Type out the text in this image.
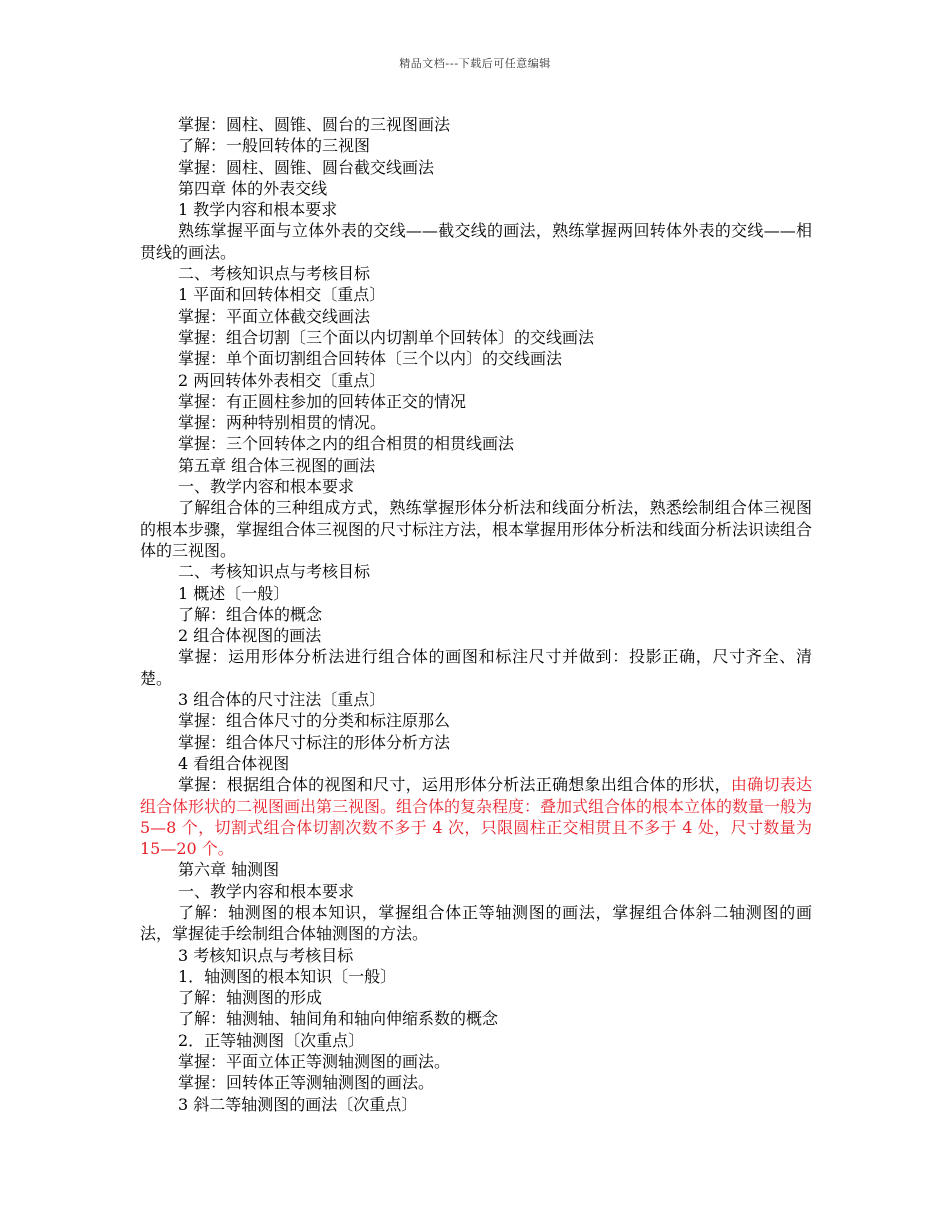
精品文档---下载后可任意编辑
掌握：圆柱、圆锥、圆台的三视图画法
了解：一般回转体的三视图
掌握：圆柱、圆锥、圆台截交线画法
第四章 体的外表交线
1 教学内容和根本要求
熟练掌握平面与立体外表的交线——截交线的画法，熟练掌握两回转体外表的交线——相贯线的画法。
二、考核知识点与考核目标
1 平面和回转体相交〔重点〕
掌握：平面立体截交线画法
掌握：组合切割〔三个面以内切割单个回转体〕的交线画法
掌握：单个面切割组合回转体〔三个以内〕的交线画法
2 两回转体外表相交〔重点〕
掌握：有正圆柱参加的回转体正交的情况
掌握：两种特别相贯的情况。
掌握：三个回转体之内的组合相贯的相贯线画法
第五章 组合体三视图的画法
一、教学内容和根本要求
了解组合体的三种组成方式，熟练掌握形体分析法和线面分析法，熟悉绘制组合体三视图的根本步骤，掌握组合体三视图的尺寸标注方法，根本掌握用形体分析法和线面分析法识读组合体的三视图。
二、考核知识点与考核目标
1 概述〔一般〕
了解：组合体的概念
2 组合体视图的画法
掌握：运用形体分析法进行组合体的画图和标注尺寸并做到：投影正确，尺寸齐全、清楚。
3 组合体的尺寸注法〔重点〕
掌握：组合体尺寸的分类和标注原那么
掌握：组合体尺寸标注的形体分析方法
4 看组合体视图
掌握：根据组合体的视图和尺寸，运用形体分析法正确想象出组合体的形状，由确切表达组合体形状的二视图画出第三视图。组合体的复杂程度：叠加式组合体的根本立体的数量一般为 5—8 个，切割式组合体切割次数不多于 4 次，只限圆柱正交相贯且不多于 4 处，尺寸数量为 15—20 个。
第六章 轴测图
一、教学内容和根本要求
了解：轴测图的根本知识，掌握组合体正等轴测图的画法，掌握组合体斜二轴测图的画法，掌握徒手绘制组合体轴测图的方法。
3 考核知识点与考核目标
1．轴测图的根本知识〔一般〕
了解：轴测图的形成
了解：轴测轴、轴间角和轴向伸缩系数的概念
2．正等轴测图〔次重点〕
掌握：平面立体正等测轴测图的画法。
掌握：回转体正等测轴测图的画法。
3 斜二等轴测图的画法〔次重点〕
